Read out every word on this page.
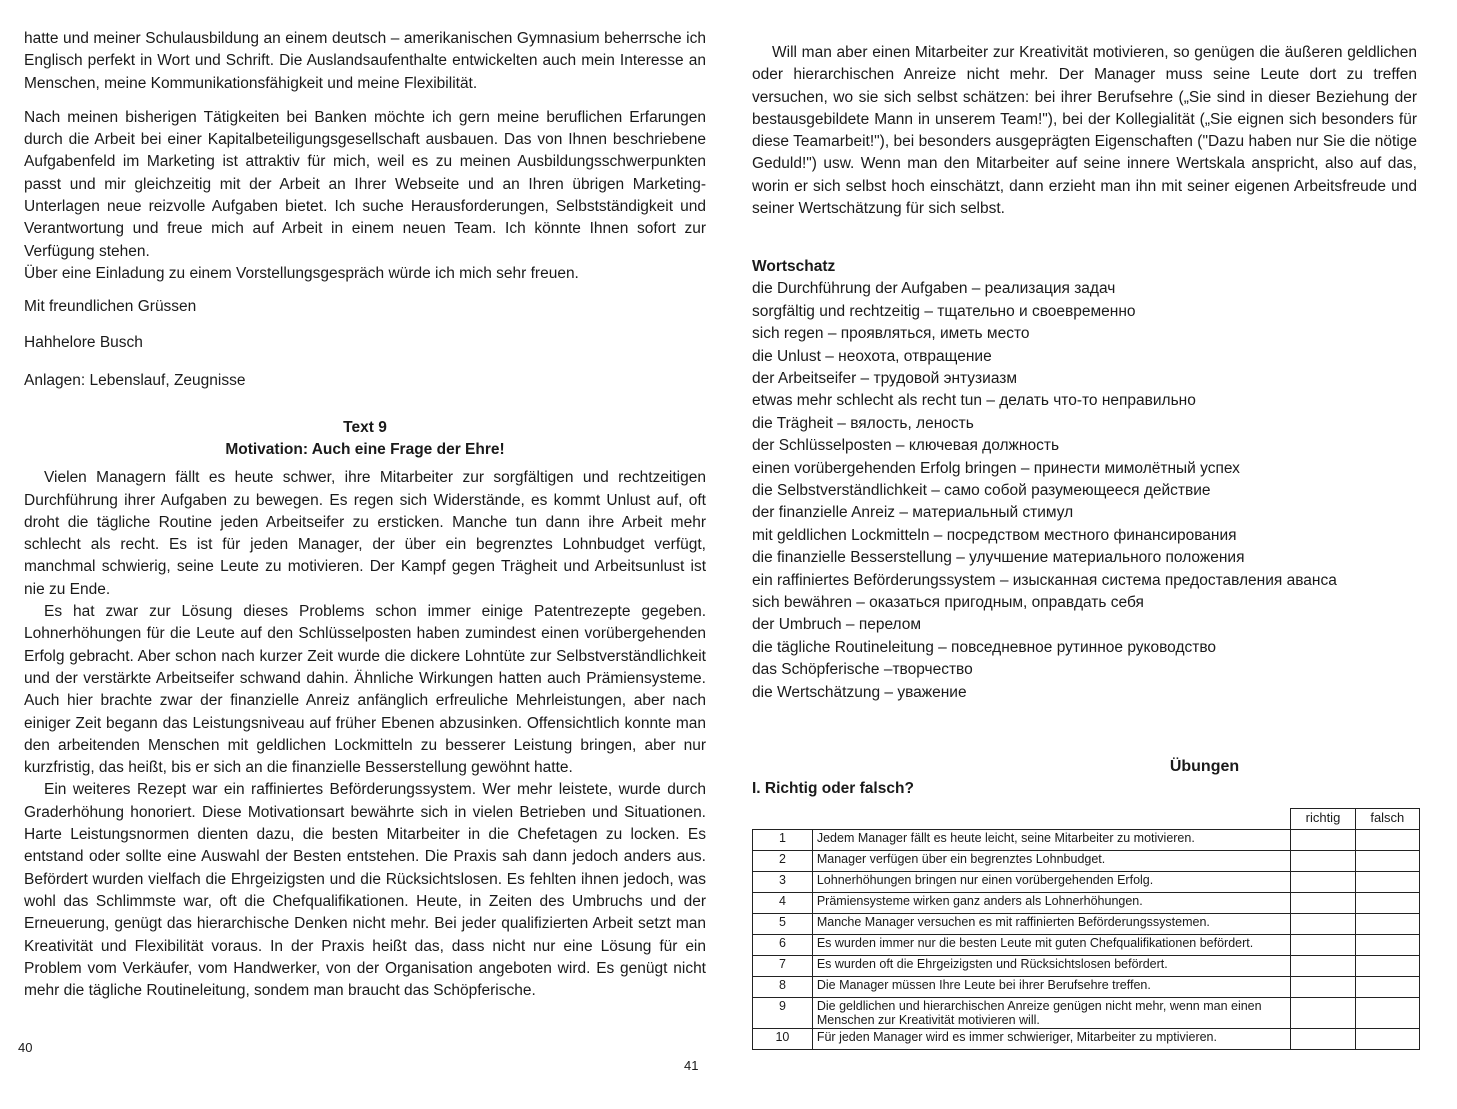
hatte und meiner Schulausbildung an einem deutsch – amerikanischen Gymnasium beherrsche ich Englisch perfekt in Wort und Schrift. Die Auslandsaufenthalte entwickelten auch mein Interesse an Menschen, meine Kommunikationsfähigkeit und meine Flexibilität.

Nach meinen bisherigen Tätigkeiten bei Banken möchte ich gern meine beruflichen Erfarungen durch die Arbeit bei einer Kapitalbeteiligungsgesellschaft ausbauen. Das von Ihnen beschriebene Aufgabenfeld im Marketing ist attraktiv für mich, weil es zu meinen Ausbildungsschwerpunkten passt und mir gleichzeitig mit der Arbeit an Ihrer Webseite und an Ihren übrigen Marketing-Unterlagen neue reizvolle Aufgaben bietet. Ich suche Herausforderungen, Selbstständigkeit und Verantwortung und freue mich auf Arbeit in einem neuen Team. Ich könnte Ihnen sofort zur Verfügung stehen.

Über eine Einladung zu einem Vorstellungsgespräch würde ich mich sehr freuen.

Mit freundlichen Grüssen

Hahhelore Busch

Anlagen: Lebenslauf, Zeugnisse

Text 9

Motivation: Auch eine Frage der Ehre!

Vielen Managern fällt es heute schwer, ihre Mitarbeiter zur sorgfältigen und rechtzeitigen Durchführung ihrer Aufgaben zu bewegen. Es regen sich Widerstände, es kommt Unlust auf, oft droht die tägliche Routine jeden Arbeitseifer zu ersticken. Manche tun dann ihre Arbeit mehr schlecht als recht. Es ist für jeden Manager, der über ein begrenztes Lohnbudget verfügt, manchmal schwierig, seine Leute zu motivieren. Der Kampf gegen Trägheit und Arbeitsunlust ist nie zu Ende.

Es hat zwar zur Lösung dieses Problems schon immer einige Patentrezepte gegeben. Lohnerhöhungen für die Leute auf den Schlüsselposten haben zumindest einen vorübergehenden Erfolg gebracht. Aber schon nach kurzer Zeit wurde die dickere Lohntüte zur Selbstverständlichkeit und der verstärkte Arbeitseifer schwand dahin. Ähnliche Wirkungen hatten auch Prämiensysteme. Auch hier brachte zwar der finanzielle Anreiz anfänglich erfreuliche Mehrleistungen, aber nach einiger Zeit begann das Leistungsniveau auf früher Ebenen abzusinken. Offensichtlich konnte man den arbeitenden Menschen mit geldlichen Lockmitteln zu besserer Leistung bringen, aber nur kurzfristig, das heißt, bis er sich an die finanzielle Besserstellung gewöhnt hatte.

Ein weiteres Rezept war ein raffiniertes Beförderungssystem. Wer mehr leistete, wurde durch Graderhöhung honoriert. Diese Motivationsart bewährte sich in vielen Betrieben und Situationen. Harte Leistungsnormen dienten dazu, die besten Mitarbeiter in die Chefetagen zu locken. Es entstand oder sollte eine Auswahl der Besten entstehen. Die Praxis sah dann jedoch anders aus. Befördert wurden vielfach die Ehrgeizigsten und die Rücksichtslosen. Es fehlten ihnen jedoch, was wohl das Schlimmste war, oft die Chefqualifikationen. Heute, in Zeiten des Umbruchs und der Erneuerung, genügt das hierarchische Denken nicht mehr. Bei jeder qualifizierten Arbeit setzt man Kreativität und Flexibilität voraus. In der Praxis heißt das, dass nicht nur eine Lösung für ein Problem vom Verkäufer, vom Handwerker, von der Organisation angeboten wird. Es genügt nicht mehr die tägliche Routineleitung, sondem man braucht das Schöpferische.

40

Will man aber einen Mitarbeiter zur Kreativität motivieren, so genügen die äußeren geldlichen oder hierarchischen Anreize nicht mehr. Der Manager muss seine Leute dort zu treffen versuchen, wo sie sich selbst schätzen: bei ihrer Berufsehre („Sie sind in dieser Beziehung der bestausgebildete Mann in unserem Team!"), bei der Kollegialität („Sie eignen sich besonders für diese Teamarbeit!"), bei besonders ausgeprägten Eigenschaften ("Dazu haben nur Sie die nötige Geduld!") usw. Wenn man den Mitarbeiter auf seine innere Wertskala anspricht, also auf das, worin er sich selbst hoch einschätzt, dann erzieht man ihn mit seiner eigenen Arbeitsfreude und seiner Wertschätzung für sich selbst.

Wortschatz

die Durchführung der Aufgaben – реализация задач
sorgfältig und rechtzeitig – тщательно и своевременно
sich regen – проявляться, иметь место
die Unlust – неохота, отвращение
der Arbeitseifer – трудовой энтузиазм
etwas mehr schlecht als recht tun – делать что-то неправильно
die Trägheit – вялость, леность
der Schlüsselposten – ключевая должность
einen vorübergehenden Erfolg bringen – принести мимолётный успех
die Selbstverständlichkeit – само собой разумеющееся действие
der finanzielle Anreiz – материальный стимул
mit geldlichen Lockmitteln – посредством местного финансирования
die finanzielle Besserstellung – улучшение материального положения
ein raffiniertes Beförderungssystem – изысканная система предоставления аванса
sich bewähren – оказаться пригодным, оправдать себя
der Umbruch – перелом
die tägliche Routineleitung – повседневное рутинное руководство
das Schöpferische –творчество
die Wertschätzung – уважение

Übungen

I. Richtig oder falsch?

		richtig	falsch
1	Jedem Manager fällt es heute leicht, seine Mitarbeiter zu motivieren.		
2	Manager verfügen über ein begrenztes Lohnbudget.		
3	Lohnerhöhungen bringen nur einen vorübergehenden Erfolg.		
4	Prämiensysteme wirken ganz anders als Lohnerhöhungen.		
5	Manche Manager versuchen es mit raffinierten Beförderungssystemen.		
6	Es wurden immer nur die besten Leute mit guten Chefqualifikationen befördert.		
7	Es wurden oft die Ehrgeizigsten und Rücksichtslosen befördert.		
8	Die Manager müssen Ihre Leute bei ihrer Berufsehre treffen.		
9	Die geldlichen und hierarchischen Anreize genügen nicht mehr, wenn man einen Menschen zur Kreativität motivieren will.		
10	Für jeden Manager wird es immer schwieriger, Mitarbeiter zu mptivieren.		
41
